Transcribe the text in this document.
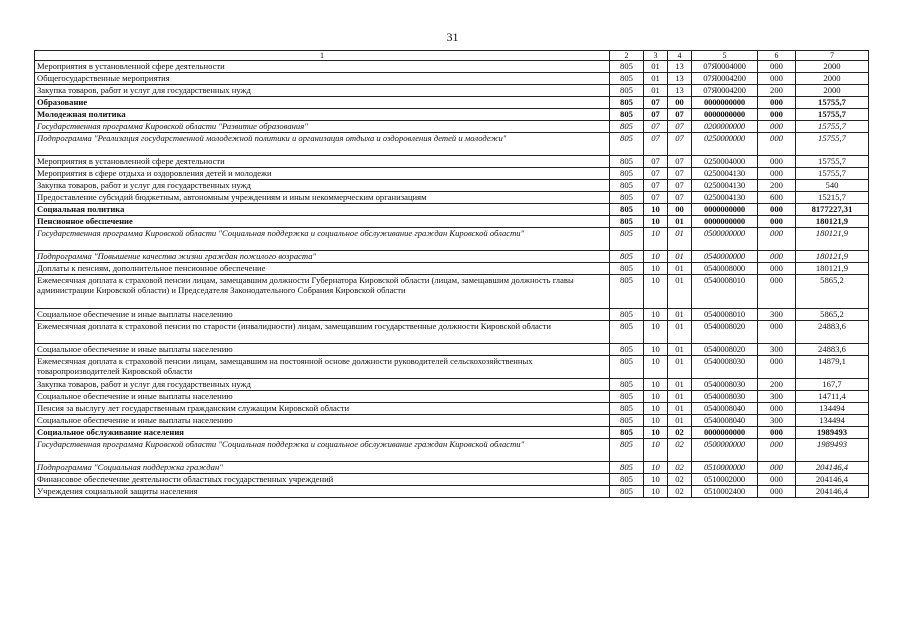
31
1	2	3	4	5	6	7
Мероприятия в установленной сфере деятельности	805	01	13	07Я0004000	000	2000
Общегосударственные мероприятия	805	01	13	07Я0004200	000	2000
Закупка товаров, работ и услуг для государственных нужд	805	01	13	07Я0004200	200	2000
Образование	805	07	00	0000000000	000	15755,7
Молодежная политика	805	07	07	0000000000	000	15755,7
Государственная программа Кировской области "Развитие образования"	805	07	07	0200000000	000	15755,7
Подпрограмма "Реализация государственной молодежной политики и организация отдыха и оздоровления детей и молодежи"	805	07	07	0250000000	000	15755,7
Мероприятия в установленной сфере деятельности	805	07	07	0250004000	000	15755,7
Мероприятия в сфере отдыха и оздоровления детей и молодежи	805	07	07	0250004130	000	15755,7
Закупка товаров, работ и услуг для государственных нужд	805	07	07	0250004130	200	540
Предоставление субсидий бюджетным, автономным учреждениям и иным некоммерческим организациям	805	07	07	0250004130	600	15215,7
Социальная политика	805	10	00	0000000000	000	8177227,31
Пенсионное обеспечение	805	10	01	0000000000	000	180121,9
Государственная программа Кировской области "Социальная поддержка и социальное обслуживание граждан Кировской области"	805	10	01	0500000000	000	180121,9
Подпрограмма "Повышение качества жизни граждан пожилого возраста"	805	10	01	0540000000	000	180121,9
Доплаты к пенсиям, дополнительное пенсионное обеспечение	805	10	01	0540008000	000	180121,9
Ежемесячная доплата к страховой пенсии лицам, замещавшим должности Губернатора Кировской области (лицам, замещавшим должность главы администрации Кировской области) и Председателя Законодательного Собрания Кировской области	805	10	01	0540008010	000	5865,2
Социальное обеспечение и иные выплаты населению	805	10	01	0540008010	300	5865,2
Ежемесячная доплата к страховой пенсии по старости (инвалидности) лицам, замещавшим государственные должности Кировской области	805	10	01	0540008020	000	24883,6
Социальное обеспечение и иные выплаты населению	805	10	01	0540008020	300	24883,6
Ежемесячная доплата к страховой пенсии лицам, замещавшим на постоянной основе должности руководителей сельскохозяйственных товаропроизводителей Кировской области	805	10	01	0540008030	000	14879,1
Закупка товаров, работ и услуг для государственных нужд	805	10	01	0540008030	200	167,7
Социальное обеспечение и иные выплаты населению	805	10	01	0540008030	300	14711,4
Пенсия за выслугу лет государственным гражданским служащим Кировской области	805	10	01	0540008040	000	134494
Социальное обеспечение и иные выплаты населению	805	10	01	0540008040	300	134494
Социальное обслуживание населения	805	10	02	0000000000	000	1989493
Государственная программа Кировской области "Социальная поддержка и социальное обслуживание граждан Кировской области"	805	10	02	0500000000	000	1989493
Подпрограмма "Социальная поддержка граждан"	805	10	02	0510000000	000	204146,4
Финансовое обеспечение деятельности областных государственных учреждений	805	10	02	0510002000	000	204146,4
Учреждения социальной защиты населения	805	10	02	0510002400	000	204146,4
